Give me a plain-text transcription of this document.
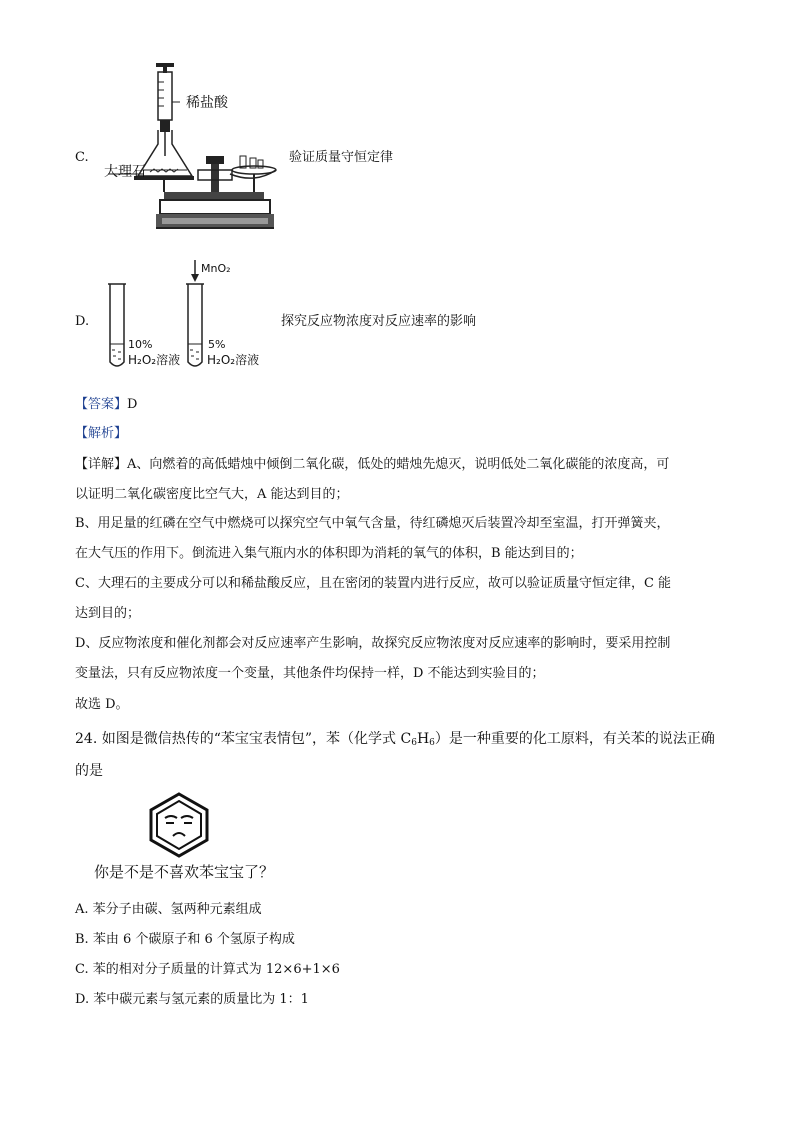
C.
稀盐酸
大理石
验证质量守恒定律
D.
MnO₂
10%
H₂O₂溶液
5%
H₂O₂溶液
探究反应物浓度对反应速率的影响
【答案】D
【解析】
【详解】A、向燃着的高低蜡烛中倾倒二氧化碳，低处的蜡烛先熄灭，说明低处二氧化碳能的浓度高，可
以证明二氧化碳密度比空气大，A 能达到目的；
B、用足量的红磷在空气中燃烧可以探究空气中氧气含量，待红磷熄灭后装置冷却至室温，打开弹簧夹，
在大气压的作用下。倒流进入集气瓶内水的体积即为消耗的氧气的体积，B 能达到目的；
C、大理石的主要成分可以和稀盐酸反应，且在密闭的装置内进行反应，故可以验证质量守恒定律，C 能
达到目的；
D、反应物浓度和催化剂都会对反应速率产生影响，故探究反应物浓度对反应速率的影响时，要采用控制
变量法，只有反应物浓度一个变量，其他条件均保持一样，D 不能达到实验目的；
故选 D。
24. 如图是微信热传的“苯宝宝表情包”，苯（化学式 $C_6H_6$）是一种重要的化工原料，有关苯的说法正确
的是
你是不是不喜欢苯宝宝了？
A. 苯分子由碳、氢两种元素组成
B. 苯由 6 个碳原子和 6 个氢原子构成
C. 苯的相对分子质量的计算式为 12×6+1×6
D. 苯中碳元素与氢元素的质量比为 1：1
